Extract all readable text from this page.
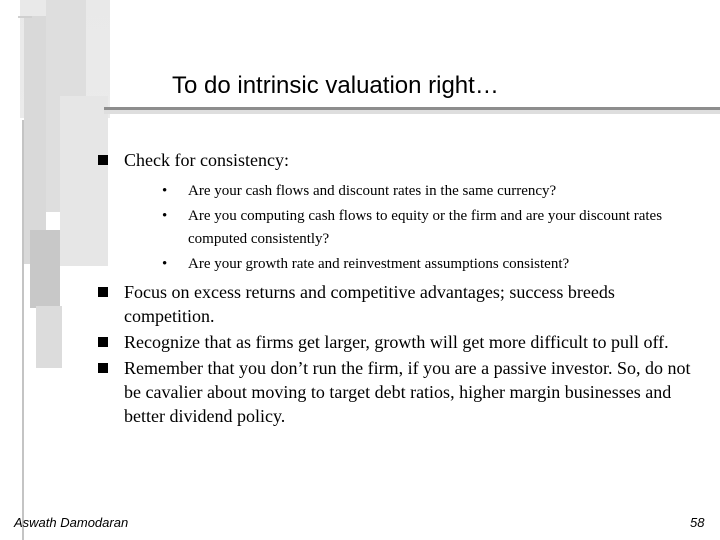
To do intrinsic valuation right…
Check for consistency:
• Are your cash flows and discount rates in the same currency?
• Are you computing cash flows to equity or the firm and are your discount rates computed consistently?
• Are your growth rate and reinvestment assumptions consistent?
Focus on excess returns and competitive advantages; success breeds competition.
Recognize that as firms get larger, growth will get more difficult to pull off.
Remember that you don’t run the firm, if you are a passive investor. So, do not be cavalier about moving to target debt ratios, higher margin businesses and better dividend policy.
Aswath Damodaran	58
